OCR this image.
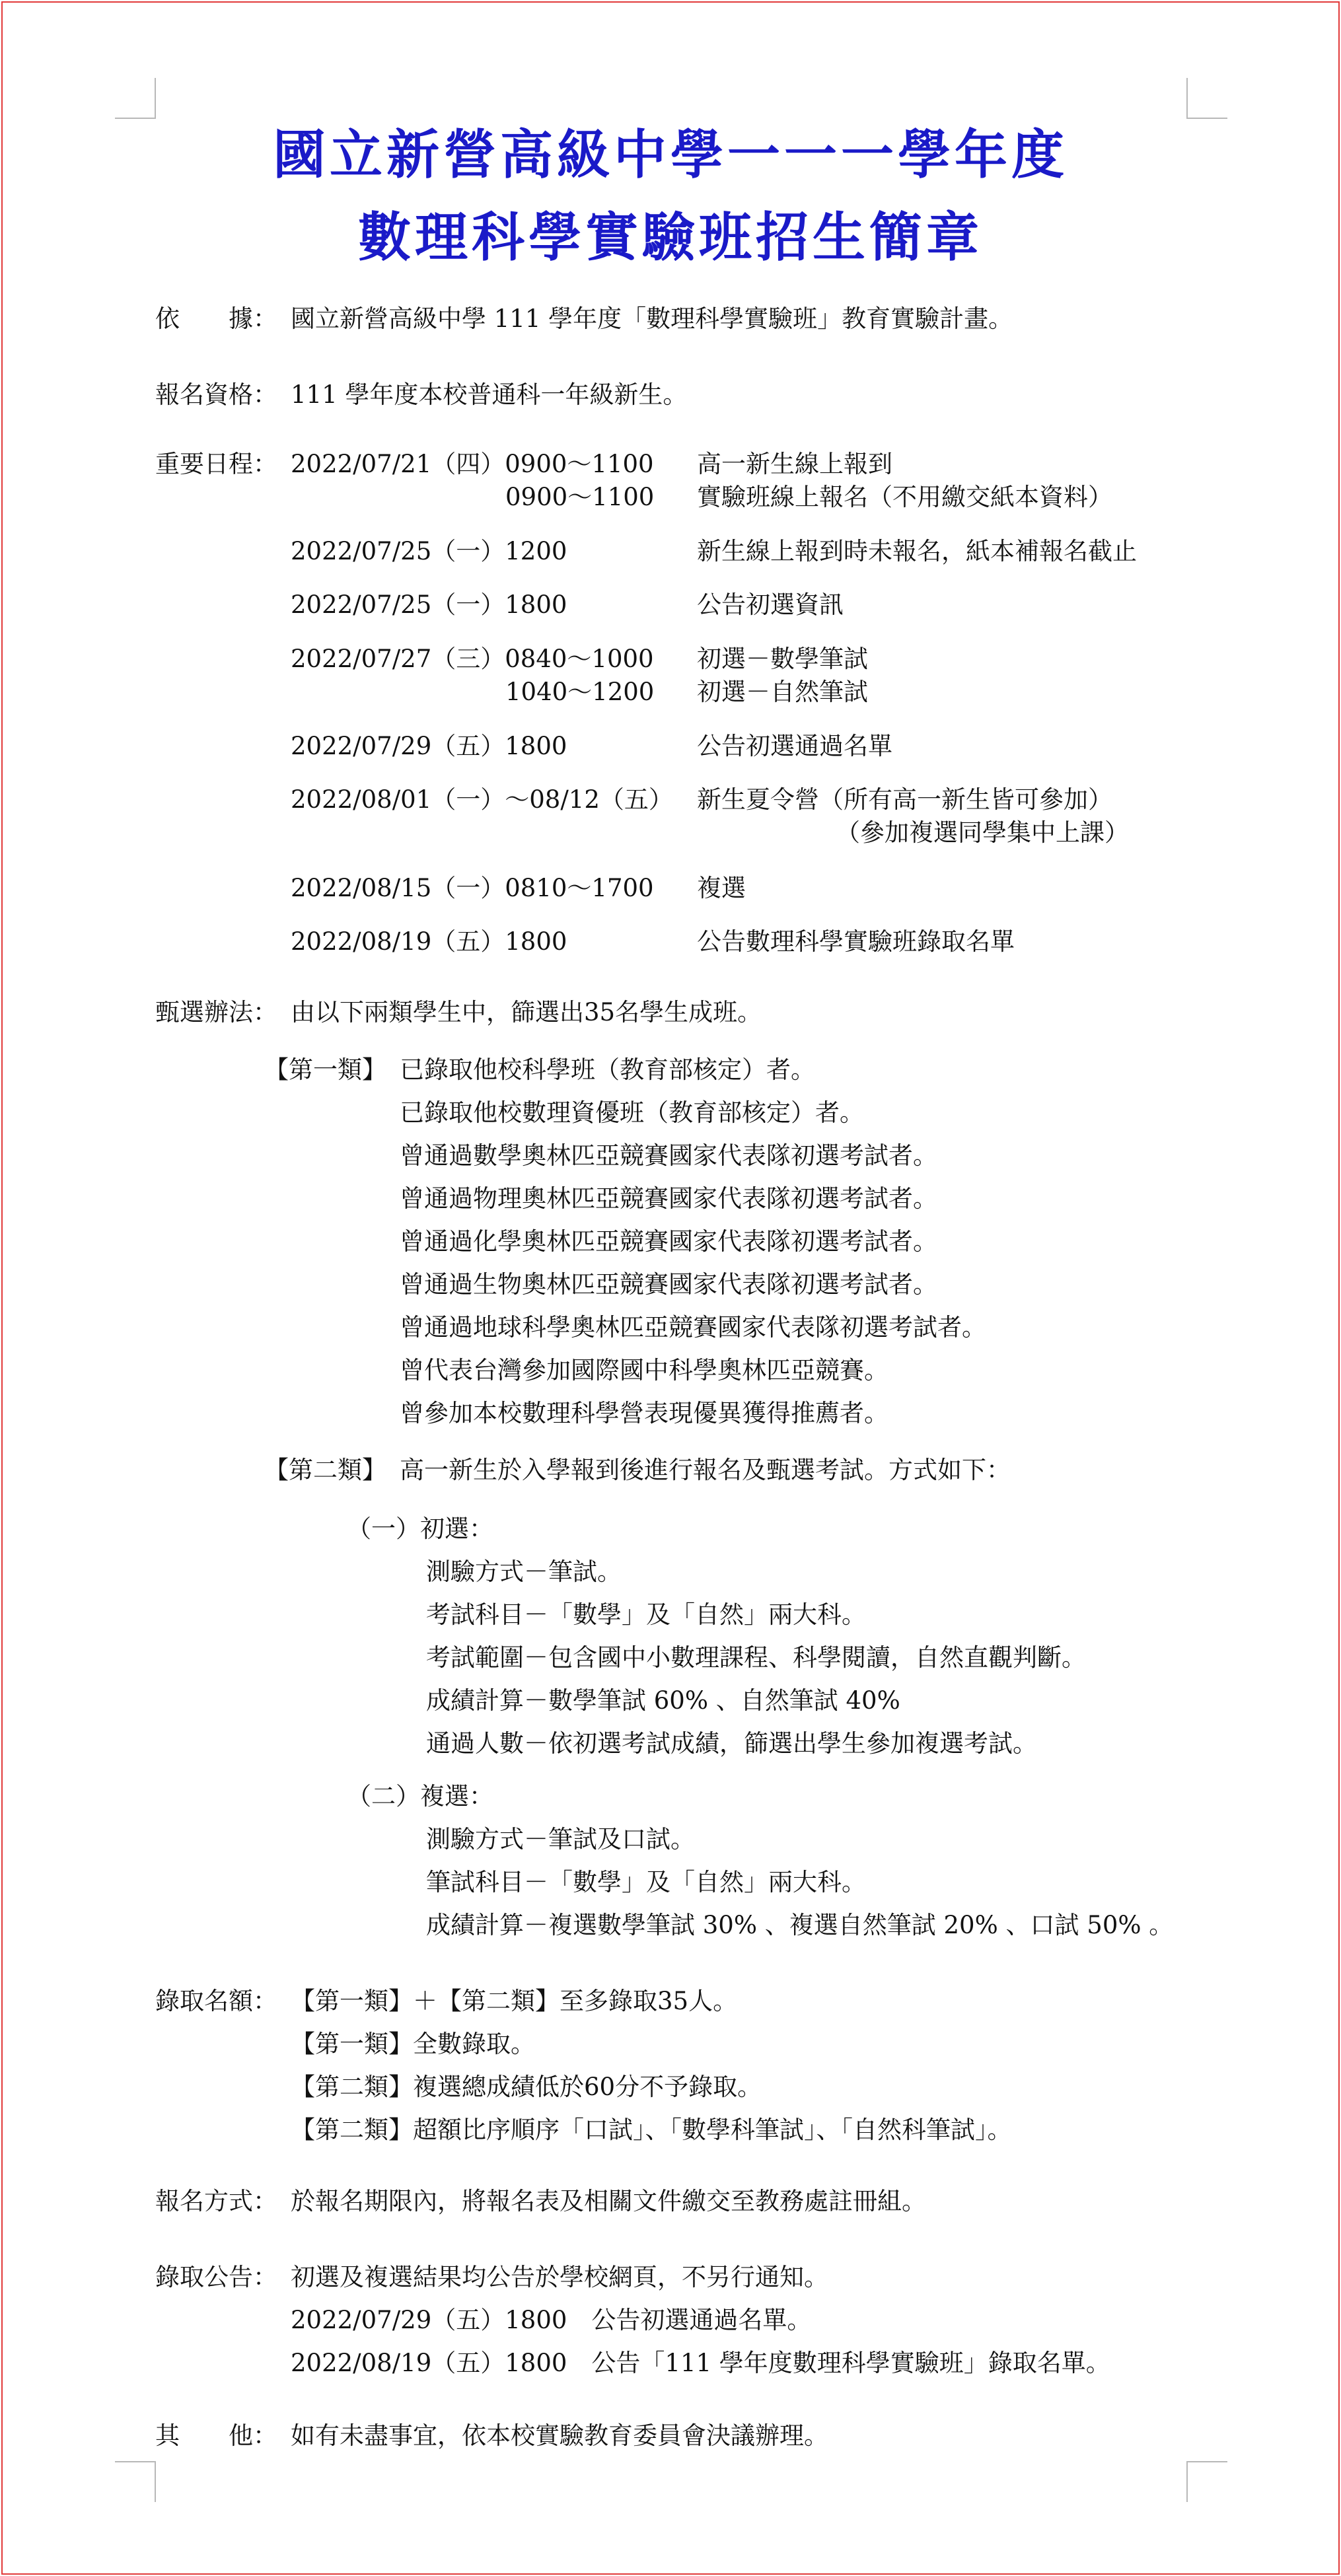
國立新營高級中學一一一學年度
數理科學實驗班招生簡章
依　　據： 國立新營高級中學 111 學年度「數理科學實驗班」教育實驗計畫。
報名資格： 111 學年度本校普通科一年級新生。
重要日程： 2022/07/21（四）0900～1100 高一新生線上報到
0900～1100 實驗班線上報名（不用繳交紙本資料）
2022/07/25（一）1200	新生線上報到時未報名，紙本補報名截止
2022/07/25（一）1800	公告初選資訊
2022/07/27（三）0840～1000 初選－數學筆試
1040～1200 初選－自然筆試
2022/07/29（五）1800	公告初選通過名單
2022/08/01（一）～08/12（五） 新生夏令營（所有高一新生皆可參加）
（參加複選同學集中上課）
2022/08/15（一）0810～1700 複選
2022/08/19（五）1800	公告數理科學實驗班錄取名單
甄選辦法： 由以下兩類學生中，篩選出35名學生成班。
【第一類】 已錄取他校科學班（教育部核定）者。
已錄取他校數理資優班（教育部核定）者。
曾通過數學奧林匹亞競賽國家代表隊初選考試者。
曾通過物理奧林匹亞競賽國家代表隊初選考試者。
曾通過化學奧林匹亞競賽國家代表隊初選考試者。
曾通過生物奧林匹亞競賽國家代表隊初選考試者。
曾通過地球科學奧林匹亞競賽國家代表隊初選考試者。
曾代表台灣參加國際國中科學奧林匹亞競賽。
曾參加本校數理科學營表現優異獲得推薦者。
【第二類】 高一新生於入學報到後進行報名及甄選考試。方式如下：
（一）初選：
測驗方式－筆試。
考試科目－「數學」及「自然」兩大科。
考試範圍－包含國中小數理課程、科學閱讀，自然直觀判斷。
成績計算－數學筆試 60% 、自然筆試 40%
通過人數－依初選考試成績，篩選出學生參加複選考試。
（二）複選：
測驗方式－筆試及口試。
筆試科目－「數學」及「自然」兩大科。
成績計算－複選數學筆試 30% 、複選自然筆試 20% 、口試 50% 。
錄取名額： 【第一類】＋【第二類】至多錄取35人。
【第一類】全數錄取。
【第二類】複選總成績低於60分不予錄取。
【第二類】超額比序順序「口試」、「數學科筆試」、「自然科筆試」。
報名方式： 於報名期限內，將報名表及相關文件繳交至教務處註冊組。
錄取公告： 初選及複選結果均公告於學校網頁，不另行通知。
2022/07/29（五）1800　公告初選通過名單。
2022/08/19（五）1800　公告「111 學年度數理科學實驗班」錄取名單。
其　　他： 如有未盡事宜，依本校實驗教育委員會決議辦理。
